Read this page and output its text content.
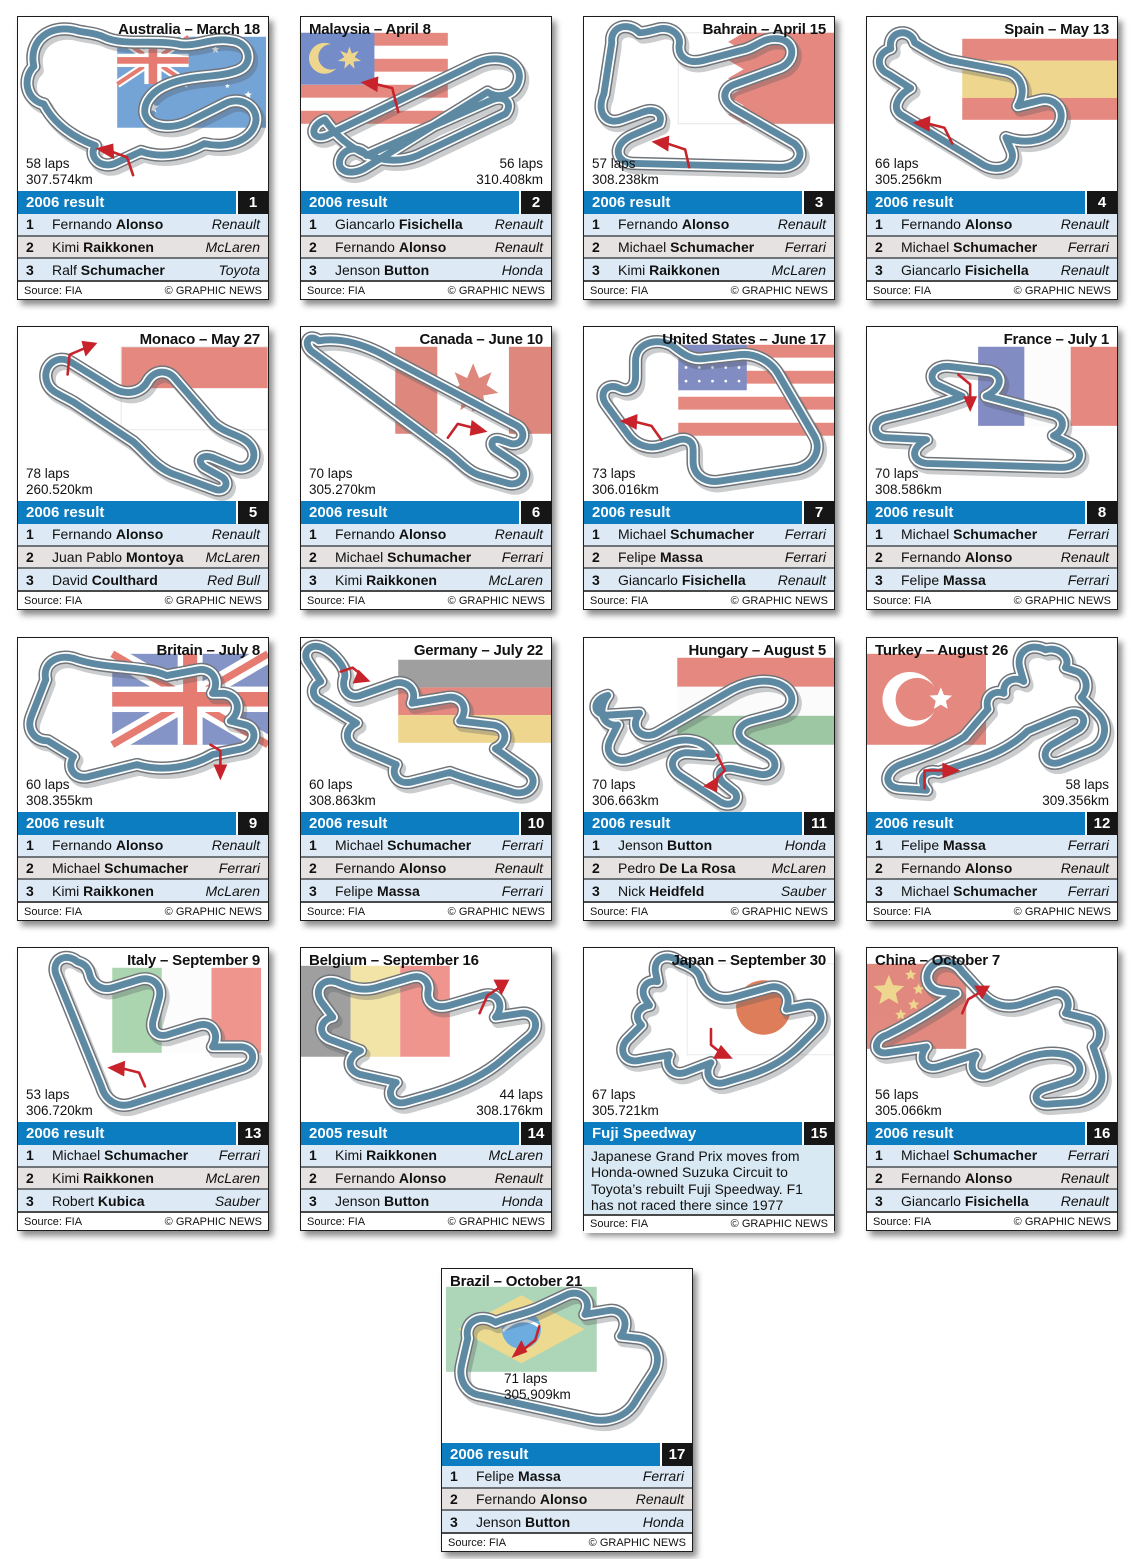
Australia – March 18
58 laps
307.574km
2006 result	1
1	Fernando Alonso	Renault
2	Kimi Raikkonen	McLaren
3	Ralf Schumacher	Toyota
Source: FIA	© GRAPHIC NEWS
Malaysia – April 8
56 laps
310.408km
2006 result	2
1	Giancarlo Fisichella	Renault
2	Fernando Alonso	Renault
3	Jenson Button	Honda
Source: FIA	© GRAPHIC NEWS
Bahrain – April 15
57 laps
308.238km
2006 result	3
1	Fernando Alonso	Renault
2	Michael Schumacher	Ferrari
3	Kimi Raikkonen	McLaren
Source: FIA	© GRAPHIC NEWS
Spain – May 13
66 laps
305.256km
2006 result	4
1	Fernando Alonso	Renault
2	Michael Schumacher	Ferrari
3	Giancarlo Fisichella	Renault
Source: FIA	© GRAPHIC NEWS
Monaco – May 27
78 laps
260.520km
2006 result	5
1	Fernando Alonso	Renault
2	Juan Pablo Montoya	McLaren
3	David Coulthard	Red Bull
Source: FIA	© GRAPHIC NEWS
Canada – June 10
70 laps
305.270km
2006 result	6
1	Fernando Alonso	Renault
2	Michael Schumacher	Ferrari
3	Kimi Raikkonen	McLaren
Source: FIA	© GRAPHIC NEWS
United States – June 17
73 laps
306.016km
2006 result	7
1	Michael Schumacher	Ferrari
2	Felipe Massa	Ferrari
3	Giancarlo Fisichella	Renault
Source: FIA	© GRAPHIC NEWS
France – July 1
70 laps
308.586km
2006 result	8
1	Michael Schumacher	Ferrari
2	Fernando Alonso	Renault
3	Felipe Massa	Ferrari
Source: FIA	© GRAPHIC NEWS
Britain – July 8
60 laps
308.355km
2006 result	9
1	Fernando Alonso	Renault
2	Michael Schumacher	Ferrari
3	Kimi Raikkonen	McLaren
Source: FIA	© GRAPHIC NEWS
Germany – July 22
60 laps
308.863km
2006 result	10
1	Michael Schumacher	Ferrari
2	Fernando Alonso	Renault
3	Felipe Massa	Ferrari
Source: FIA	© GRAPHIC NEWS
Hungary – August 5
70 laps
306.663km
2006 result	11
1	Jenson Button	Honda
2	Pedro De La Rosa	McLaren
3	Nick Heidfeld	Sauber
Source: FIA	© GRAPHIC NEWS
Turkey – August 26
58 laps
309.356km
2006 result	12
1	Felipe Massa	Ferrari
2	Fernando Alonso	Renault
3	Michael Schumacher	Ferrari
Source: FIA	© GRAPHIC NEWS
Italy – September 9
53 laps
306.720km
2006 result	13
1	Michael Schumacher	Ferrari
2	Kimi Raikkonen	McLaren
3	Robert Kubica	Sauber
Source: FIA	© GRAPHIC NEWS
Belgium – September 16
44 laps
308.176km
2005 result	14
1	Kimi Raikkonen	McLaren
2	Fernando Alonso	Renault
3	Jenson Button	Honda
Source: FIA	© GRAPHIC NEWS
Japan – September 30
67 laps
305.721km
Fuji Speedway	15
Japanese Grand Prix moves from Honda-owned Suzuka Circuit to Toyota’s rebuilt Fuji Speedway. F1 has not raced there since 1977
Source: FIA	© GRAPHIC NEWS
China – October 7
56 laps
305.066km
2006 result	16
1	Michael Schumacher	Ferrari
2	Fernando Alonso	Renault
3	Giancarlo Fisichella	Renault
Source: FIA	© GRAPHIC NEWS
Brazil – October 21
71 laps
305.909km
2006 result	17
1	Felipe Massa	Ferrari
2	Fernando Alonso	Renault
3	Jenson Button	Honda
Source: FIA	© GRAPHIC NEWS
